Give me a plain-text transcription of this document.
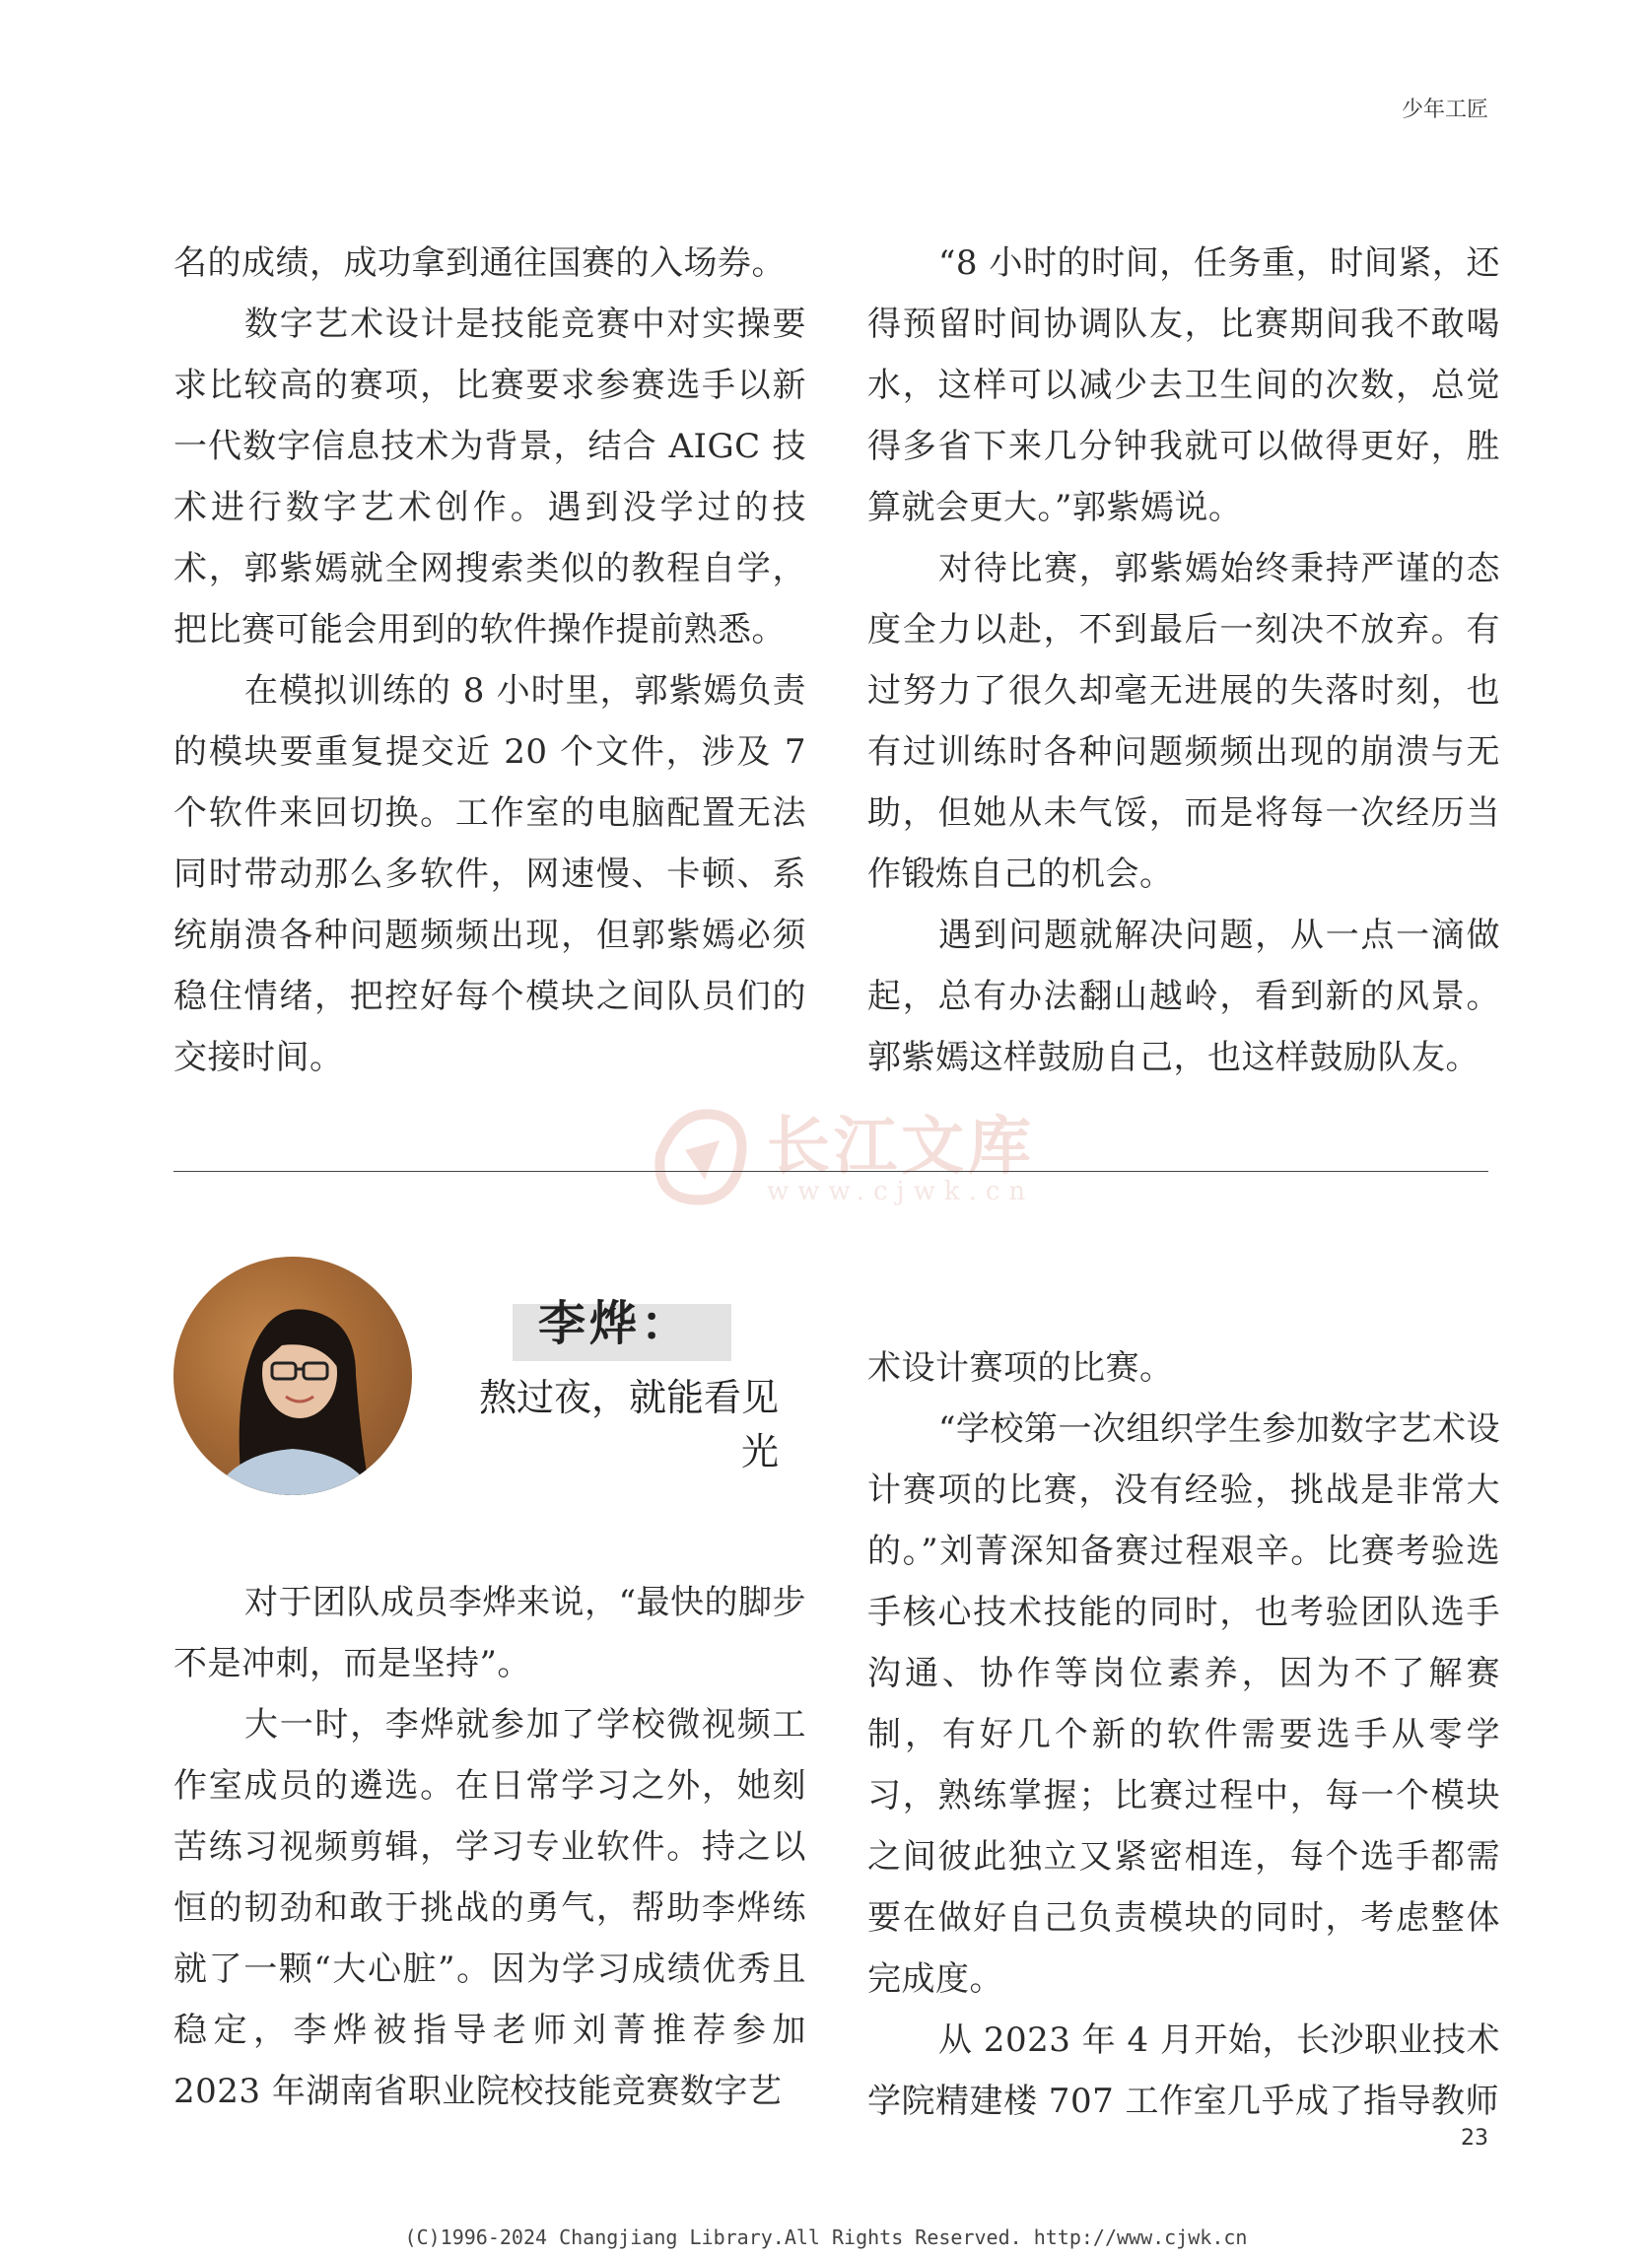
少年工匠

名的成绩，成功拿到通往国赛的入场券。

数字艺术设计是技能竞赛中对实操要求比较高的赛项，比赛要求参赛选手以新一代数字信息技术为背景，结合 AIGC 技术进行数字艺术创作。遇到没学过的技术，郭紫嫣就全网搜索类似的教程自学，把比赛可能会用到的软件操作提前熟悉。

在模拟训练的 8 小时里，郭紫嫣负责的模块要重复提交近 20 个文件，涉及 7 个软件来回切换。工作室的电脑配置无法同时带动那么多软件，网速慢、卡顿、系统崩溃各种问题频频出现，但郭紫嫣必须稳住情绪，把控好每个模块之间队员们的交接时间。

“8 小时的时间，任务重，时间紧，还得预留时间协调队友，比赛期间我不敢喝水，这样可以减少去卫生间的次数，总觉得多省下来几分钟我就可以做得更好，胜算就会更大。”郭紫嫣说。

对待比赛，郭紫嫣始终秉持严谨的态度全力以赴，不到最后一刻决不放弃。有过努力了很久却毫无进展的失落时刻，也有过训练时各种问题频频出现的崩溃与无助，但她从未气馁，而是将每一次经历当作锻炼自己的机会。

遇到问题就解决问题，从一点一滴做起，总有办法翻山越岭，看到新的风景。郭紫嫣这样鼓励自己，也这样鼓励队友。

长江文库
www.cjwk.cn
李烨：
熬过夜，就能看见光

对于团队成员李烨来说，“最快的脚步不是冲刺，而是坚持”。

大一时，李烨就参加了学校微视频工作室成员的遴选。在日常学习之外，她刻苦练习视频剪辑，学习专业软件。持之以恒的韧劲和敢于挑战的勇气，帮助李烨练就了一颗“大心脏”。因为学习成绩优秀且稳定，李烨被指导老师刘菁推荐参加 2023 年湖南省职业院校技能竞赛数字艺

术设计赛项的比赛。

“学校第一次组织学生参加数字艺术设计赛项的比赛，没有经验，挑战是非常大的。”刘菁深知备赛过程艰辛。比赛考验选手核心技术技能的同时，也考验团队选手沟通、协作等岗位素养，因为不了解赛制，有好几个新的软件需要选手从零学习，熟练掌握；比赛过程中，每一个模块之间彼此独立又紧密相连，每个选手都需要在做好自己负责模块的同时，考虑整体完成度。

从 2023 年 4 月开始，长沙职业技术学院精建楼 707 工作室几乎成了指导教师

23
(C)1996-2024 Changjiang Library.All Rights Reserved. http://www.cjwk.cn
